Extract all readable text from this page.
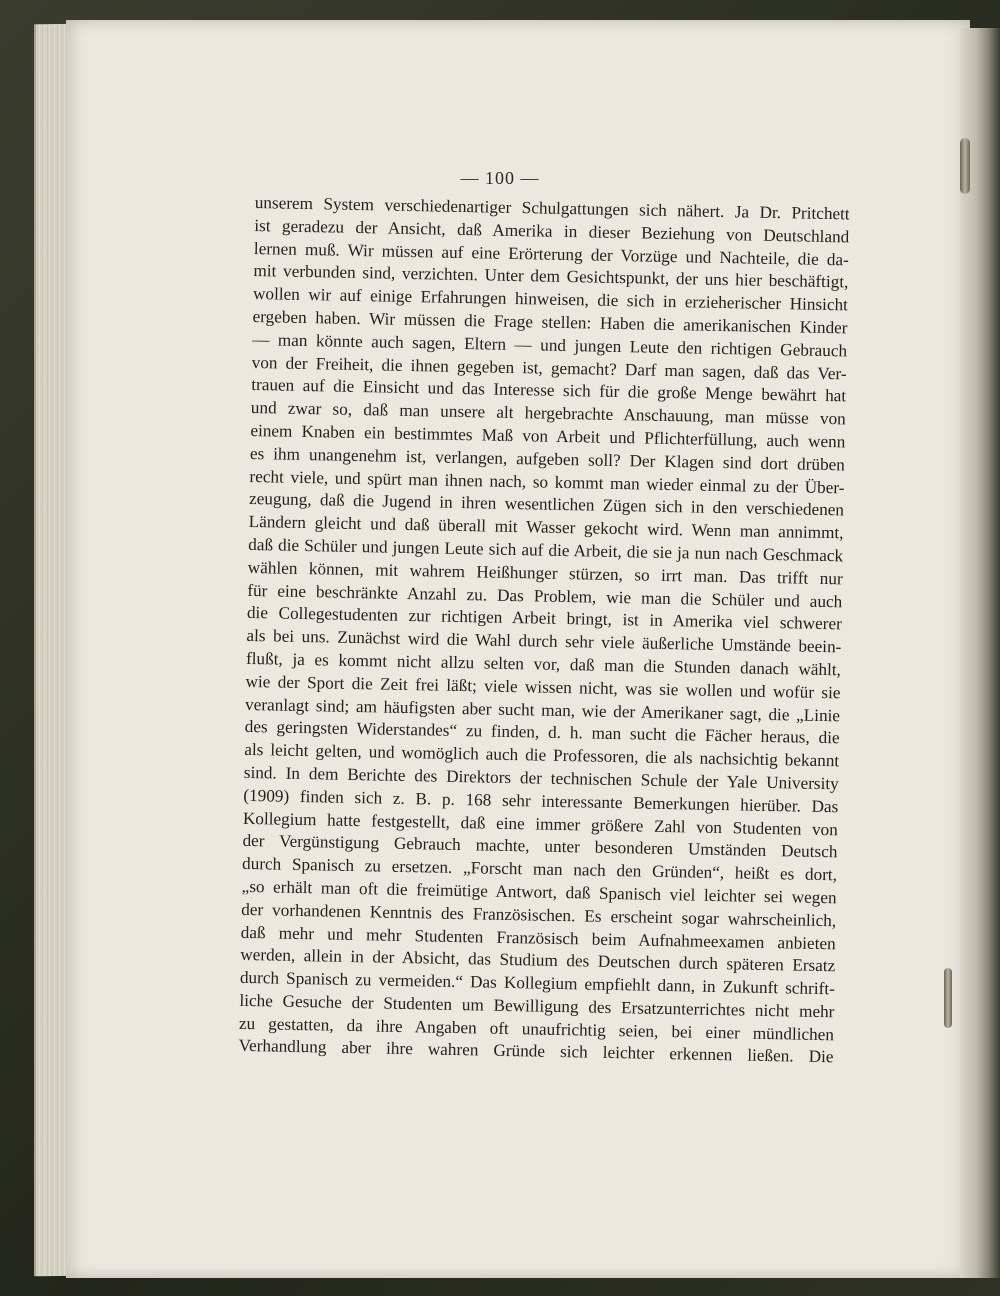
— 100 —
unserem System verschiedenartiger Schulgattungen sich nähert. Ja Dr. Pritchett
ist geradezu der Ansicht, daß Amerika in dieser Beziehung von Deutschland
lernen muß. Wir müssen auf eine Erörterung der Vorzüge und Nachteile, die da-
mit verbunden sind, verzichten. Unter dem Gesichtspunkt, der uns hier beschäftigt,
wollen wir auf einige Erfahrungen hinweisen, die sich in erzieherischer Hinsicht
ergeben haben. Wir müssen die Frage stellen: Haben die amerikanischen Kinder
— man könnte auch sagen, Eltern — und jungen Leute den richtigen Gebrauch
von der Freiheit, die ihnen gegeben ist, gemacht? Darf man sagen, daß das Ver-
trauen auf die Einsicht und das Interesse sich für die große Menge bewährt hat
und zwar so, daß man unsere alt hergebrachte Anschauung, man müsse von
einem Knaben ein bestimmtes Maß von Arbeit und Pflichterfüllung, auch wenn
es ihm unangenehm ist, verlangen, aufgeben soll? Der Klagen sind dort drüben
recht viele, und spürt man ihnen nach, so kommt man wieder einmal zu der Über-
zeugung, daß die Jugend in ihren wesentlichen Zügen sich in den verschiedenen
Ländern gleicht und daß überall mit Wasser gekocht wird. Wenn man annimmt,
daß die Schüler und jungen Leute sich auf die Arbeit, die sie ja nun nach Geschmack
wählen können, mit wahrem Heißhunger stürzen, so irrt man. Das trifft nur
für eine beschränkte Anzahl zu. Das Problem, wie man die Schüler und auch
die Collegestudenten zur richtigen Arbeit bringt, ist in Amerika viel schwerer
als bei uns. Zunächst wird die Wahl durch sehr viele äußerliche Umstände beein-
flußt, ja es kommt nicht allzu selten vor, daß man die Stunden danach wählt,
wie der Sport die Zeit frei läßt; viele wissen nicht, was sie wollen und wofür sie
veranlagt sind; am häufigsten aber sucht man, wie der Amerikaner sagt, die „Linie
des geringsten Widerstandes“ zu finden, d. h. man sucht die Fächer heraus, die
als leicht gelten, und womöglich auch die Professoren, die als nachsichtig bekannt
sind. In dem Berichte des Direktors der technischen Schule der Yale University
(1909) finden sich z. B. p. 168 sehr interessante Bemerkungen hierüber. Das
Kollegium hatte festgestellt, daß eine immer größere Zahl von Studenten von
der Vergünstigung Gebrauch machte, unter besonderen Umständen Deutsch
durch Spanisch zu ersetzen. „Forscht man nach den Gründen“, heißt es dort,
„so erhält man oft die freimütige Antwort, daß Spanisch viel leichter sei wegen
der vorhandenen Kenntnis des Französischen. Es erscheint sogar wahrscheinlich,
daß mehr und mehr Studenten Französisch beim Aufnahmeexamen anbieten
werden, allein in der Absicht, das Studium des Deutschen durch späteren Ersatz
durch Spanisch zu vermeiden.“ Das Kollegium empfiehlt dann, in Zukunft schrift-
liche Gesuche der Studenten um Bewilligung des Ersatzunterrichtes nicht mehr
zu gestatten, da ihre Angaben oft unaufrichtig seien, bei einer mündlichen
Verhandlung aber ihre wahren Gründe sich leichter erkennen ließen. Die
